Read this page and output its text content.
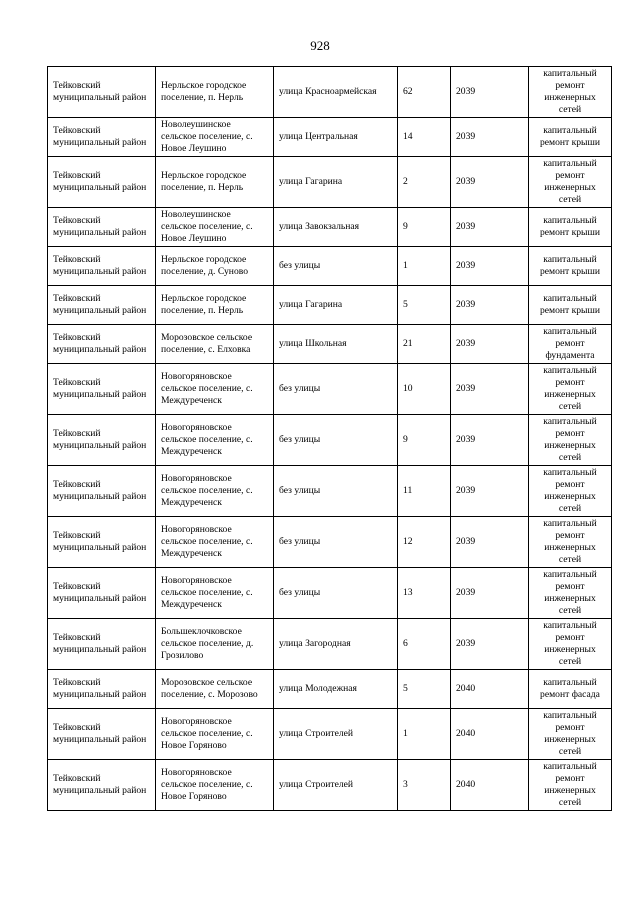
928
Тейковский муниципальный район	Нерльское городское поселение, п. Нерль	улица Красноармейская	62	2039	капитальный ремонт инженерных сетей
Тейковский муниципальный район	Новолеушинское сельское поселение, с. Новое Леушино	улица Центральная	14	2039	капитальный ремонт крыши
Тейковский муниципальный район	Нерльское городское поселение, п. Нерль	улица Гагарина	2	2039	капитальный ремонт инженерных сетей
Тейковский муниципальный район	Новолеушинское сельское поселение, с. Новое Леушино	улица Завокзальная	9	2039	капитальный ремонт крыши
Тейковский муниципальный район	Нерльское городское поселение, д. Суново	без улицы	1	2039	капитальный ремонт крыши
Тейковский муниципальный район	Нерльское городское поселение, п. Нерль	улица Гагарина	5	2039	капитальный ремонт крыши
Тейковский муниципальный район	Морозовское сельское поселение, с. Елховка	улица Школьная	21	2039	капитальный ремонт фундамента
Тейковский муниципальный район	Новогоряновское сельское поселение, с. Междуреченск	без улицы	10	2039	капитальный ремонт инженерных сетей
Тейковский муниципальный район	Новогоряновское сельское поселение, с. Междуреченск	без улицы	9	2039	капитальный ремонт инженерных сетей
Тейковский муниципальный район	Новогоряновское сельское поселение, с. Междуреченск	без улицы	11	2039	капитальный ремонт инженерных сетей
Тейковский муниципальный район	Новогоряновское сельское поселение, с. Междуреченск	без улицы	12	2039	капитальный ремонт инженерных сетей
Тейковский муниципальный район	Новогоряновское сельское поселение, с. Междуреченск	без улицы	13	2039	капитальный ремонт инженерных сетей
Тейковский муниципальный район	Большеклочковское сельское поселение, д. Грозилово	улица Загородная	6	2039	капитальный ремонт инженерных сетей
Тейковский муниципальный район	Морозовское сельское поселение, с. Морозово	улица Молодежная	5	2040	капитальный ремонт фасада
Тейковский муниципальный район	Новогоряновское сельское поселение, с. Новое Горяново	улица Строителей	1	2040	капитальный ремонт инженерных сетей
Тейковский муниципальный район	Новогоряновское сельское поселение, с. Новое Горяново	улица Строителей	3	2040	капитальный ремонт инженерных сетей
